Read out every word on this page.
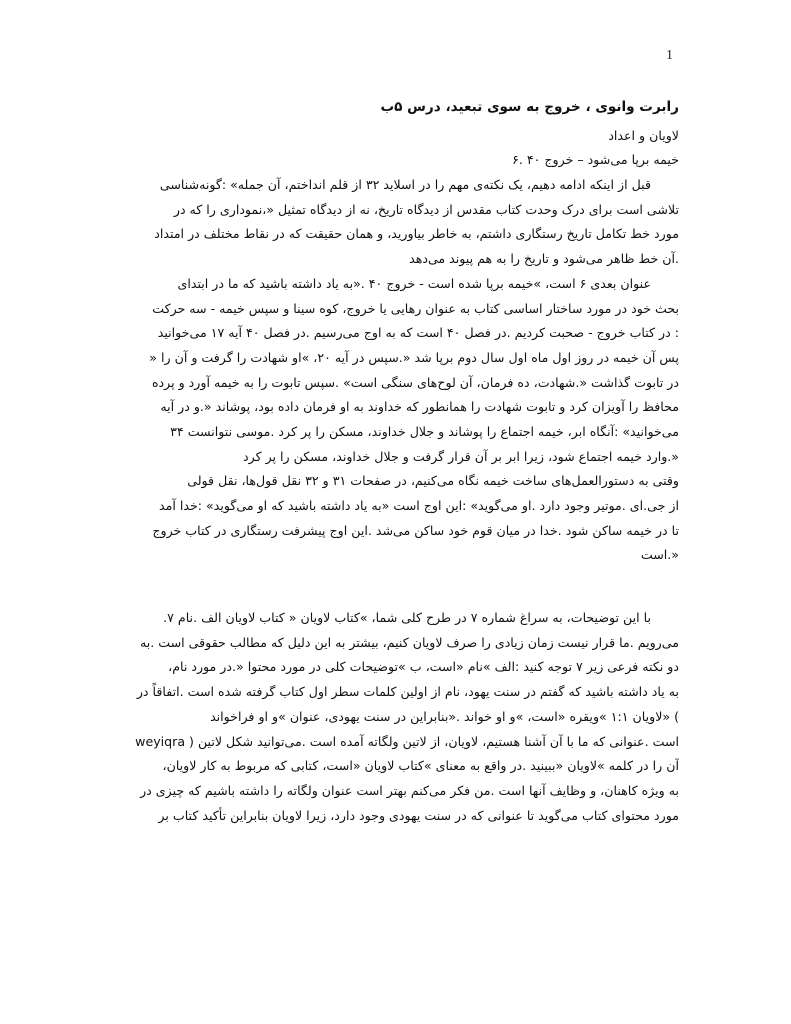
1
رابرت وانوی ، خروج به سوی تبعید، درس ۵ب
لاویان و اعداد
خیمه برپا می‌شود – خروج ۴۰ .۶
قبل از اینکه ادامه دهیم، یک نکته‌ی مهم را در اسلاید ۳۲ از قلم انداختم، آن جمله» :گونه‌شناسی
تلاشی است برای درک وحدت کتاب مقدس از دیدگاه تاریخ، نه از دیدگاه تمثیل «،نموداری را که در
مورد خط تکامل تاریخ رستگاری داشتم، به خاطر بیاورید، و همان حقیقت که در نقاط مختلف در امتداد
.آن خط ظاهر می‌شود و تاریخ را به هم پیوند می‌دهد
عنوان بعدی ۶ است، »خیمه برپا شده است - خروج ۴۰ .«به یاد داشته باشید که ما در ابتدای
بحث خود در مورد ساختار اساسی کتاب به عنوان رهایی یا خروج، کوه سینا و سپس خیمه - سه حرکت
: در کتاب خروج - صحبت کردیم .در فصل ۴۰ است که به اوج می‌رسیم .در فصل ۴۰ آیه ۱۷ می‌خوانید
پس آن خیمه در روز اول ماه اول سال دوم برپا شد «.سپس در آیه ۲۰، »او شهادت را گرفت و آن را «
در تابوت گذاشت «.شهادت، ده فرمان، آن لوح‌های سنگی است» .سپس تابوت را به خیمه آورد و پرده
محافظ را آویزان کرد و تابوت شهادت را همانطور که خداوند به او فرمان داده بود، پوشاند «.و در آیه
می‌خوانید» :آنگاه ابر، خیمه اجتماع را پوشاند و جلال خداوند، مسکن را پر کرد .موسی نتوانست ۳۴
«.وارد خیمه اجتماع شود، زیرا ابر بر آن قرار گرفت و جلال خداوند، مسکن را پر کرد
وقتی به دستورالعمل‌های ساخت خیمه نگاه می‌کنیم، در صفحات ۳۱ و ۳۲ نقل قول‌ها، نقل قولی
از جی.ای .موتیر وجود دارد .او می‌گوید» :این اوج است «به یاد داشته باشید که او می‌گوید» :خدا آمد
تا در خیمه ساکن شود .خدا در میان قوم خود ساکن می‌شد .این اوج پیشرفت رستگاری در کتاب خروج
«.است
با این توضیحات، به سراغ شماره ۷ در طرح کلی شما، »کتاب لاویان « کتاب لاویان الف .نام ۷.
می‌رویم .ما قرار نیست زمان زیادی را صرف لاویان کنیم، بیشتر به این دلیل که مطالب حقوقی است .به
دو نکته فرعی زیر ۷ توجه کنید :الف »نام «است، ب »توضیحات کلی در مورد محتوا «.در مورد نام،
به یاد داشته باشید که گفتم در سنت یهود، نام از اولین کلمات سطر اول کتاب گرفته شده است .اتفاقاً در
) «لاویان ۱:۱ »ویقره «است، »و او خواند .«بنابراین در سنت یهودی، عنوان »و او فراخواند
است .عنوانی که ما با آن آشنا هستیم، لاویان، از لاتین ولگاته آمده است .می‌توانید شکل لاتین ( weyiqra
آن را در کلمه »لاویان «ببینید .در واقع به معنای »کتاب لاویان «است، کتابی که مربوط به کار لاویان،
به ویژه کاهنان، و وظایف آنها است .من فکر می‌کنم بهتر است عنوان ولگاته را داشته باشیم که چیزی در
مورد محتوای کتاب می‌گوید تا عنوانی که در سنت یهودی وجود دارد، زیرا لاویان بنابراین تأکید کتاب بر
